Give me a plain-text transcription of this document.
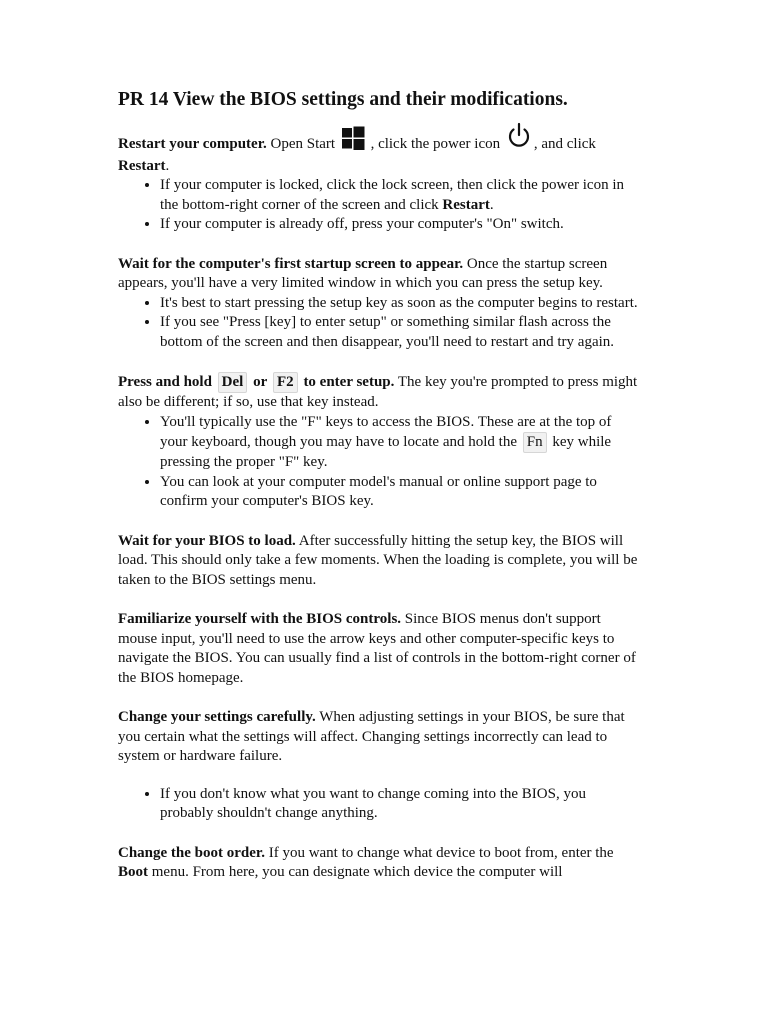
PR 14 View the BIOS settings and their modifications.

Restart your computer. Open Start  , click the power icon , and click Restart.

• If your computer is locked, click the lock screen, then click the power icon in the bottom-right corner of the screen and click Restart.
• If your computer is already off, press your computer's "On" switch.

Wait for the computer's first startup screen to appear. Once the startup screen appears, you'll have a very limited window in which you can press the setup key.

• It's best to start pressing the setup key as soon as the computer begins to restart.
• If you see "Press [key] to enter setup" or something similar flash across the bottom of the screen and then disappear, you'll need to restart and try again.

Press and hold Del or F2 to enter setup. The key you're prompted to press might also be different; if so, use that key instead.

• You'll typically use the "F" keys to access the BIOS. These are at the top of your keyboard, though you may have to locate and hold the Fn key while pressing the proper "F" key.
• You can look at your computer model's manual or online support page to confirm your computer's BIOS key.

Wait for your BIOS to load. After successfully hitting the setup key, the BIOS will load. This should only take a few moments. When the loading is complete, you will be taken to the BIOS settings menu.

Familiarize yourself with the BIOS controls. Since BIOS menus don't support mouse input, you'll need to use the arrow keys and other computer-specific keys to navigate the BIOS. You can usually find a list of controls in the bottom-right corner of the BIOS homepage.

Change your settings carefully. When adjusting settings in your BIOS, be sure that you certain what the settings will affect. Changing settings incorrectly can lead to system or hardware failure.

• If you don't know what you want to change coming into the BIOS, you probably shouldn't change anything.

Change the boot order. If you want to change what device to boot from, enter the Boot menu. From here, you can designate which device the computer will
